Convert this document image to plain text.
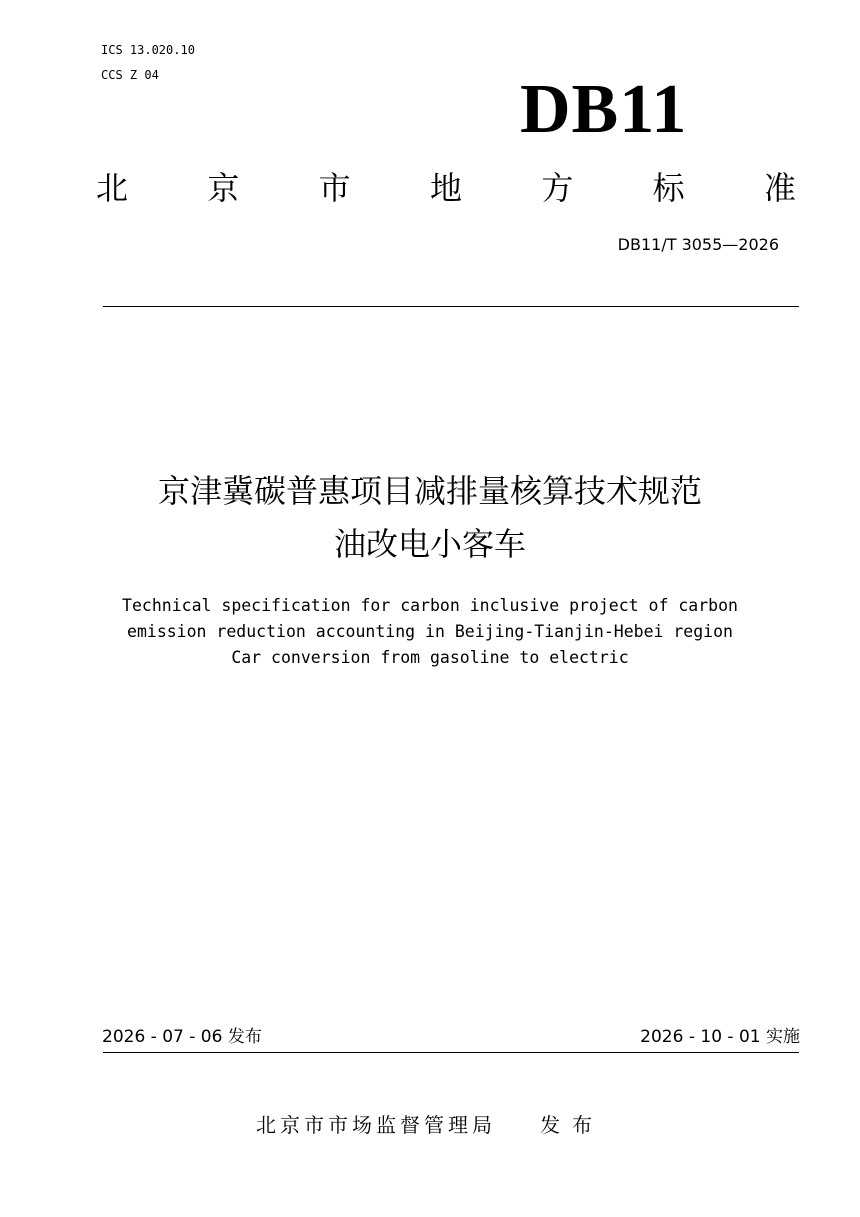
ICS 13.020.10
CCS Z 04	DB11
北 京 市 地 方 标 准
DB11/T 3055—2026
京津冀碳普惠项目减排量核算技术规范
油改电小客车
Technical specification for carbon inclusive project of carbon
emission reduction accounting in Beijing-Tianjin-Hebei region
Car conversion from gasoline to electric
2026 - 07 - 06 发布	2026 - 10 - 01 实施
北京市市场监督管理局 发布
